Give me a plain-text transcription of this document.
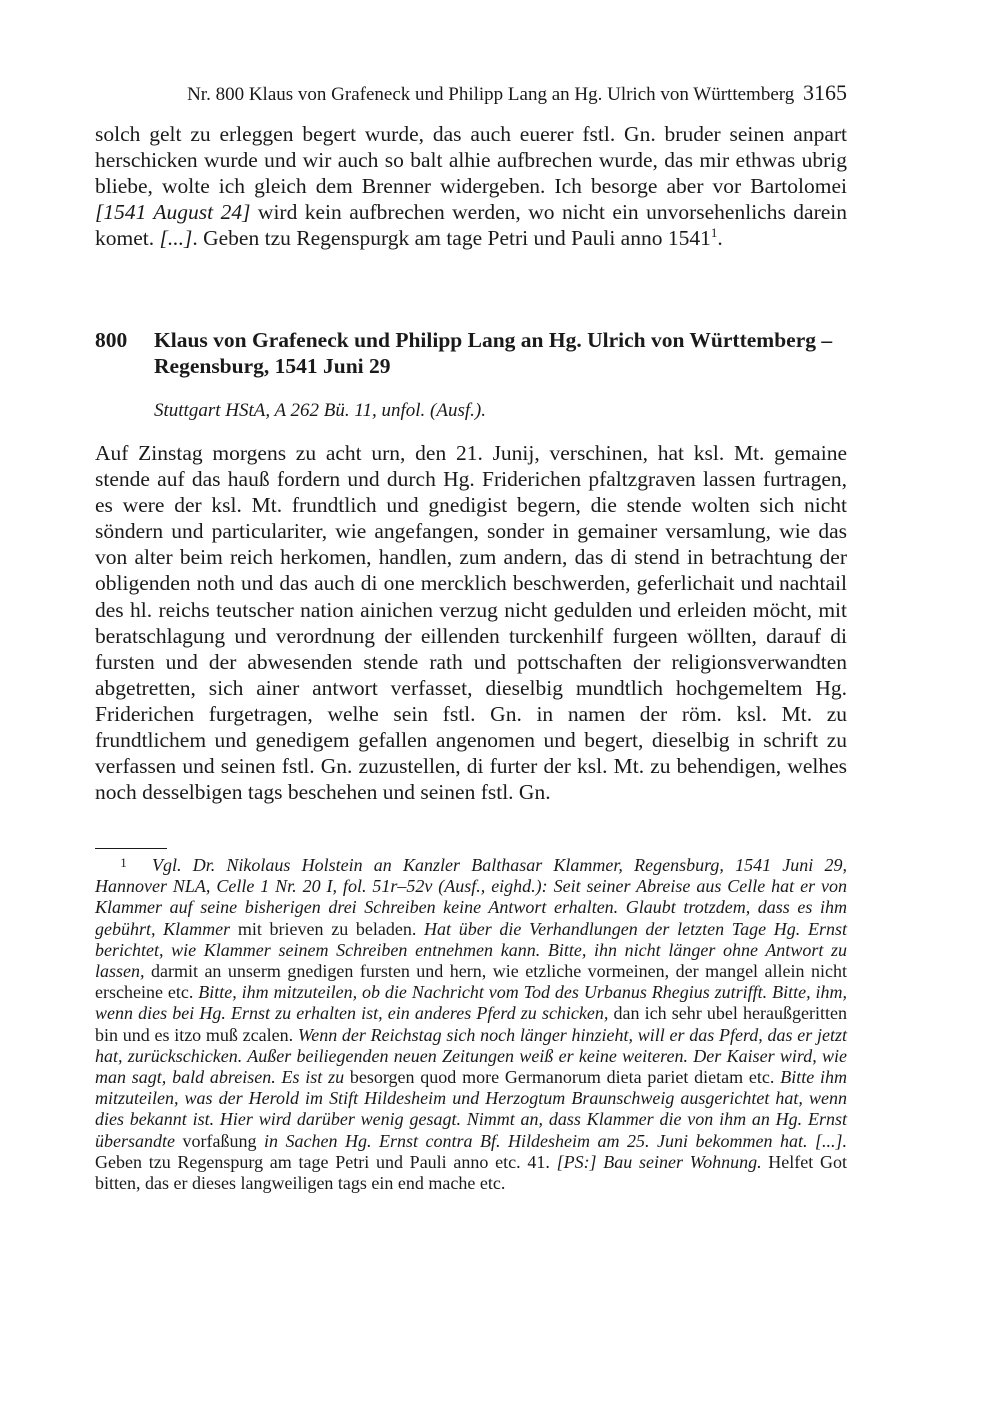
Nr. 800 Klaus von Grafeneck und Philipp Lang an Hg. Ulrich von Württemberg 3165

solch gelt zu erleggen begert wurde, das auch euerer fstl. Gn. bruder seinen anpart herschicken wurde und wir auch so balt alhie aufbrechen wurde, das mir ethwas ubrig bliebe, wolte ich gleich dem Brenner widergeben. Ich besorge aber vor Bartolomei [1541 August 24] wird kein aufbrechen werden, wo nicht ein unvorsehenlichs darein komet. [...]. Geben tzu Regenspurgk am tage Petri und Pauli anno 1541$^1$.

800 Klaus von Grafeneck und Philipp Lang an Hg. Ulrich von Württemberg – Regensburg, 1541 Juni 29
Stuttgart HStA, A 262 Bü. 11, unfol. (Ausf.).

Auf Zinstag morgens zu acht urn, den 21. Junij, verschinen, hat ksl. Mt. gemaine stende auf das hauß fordern und durch Hg. Friderichen pfaltzgraven lassen furtragen, es were der ksl. Mt. frundtlich und gnedigist begern, die stende wolten sich nicht söndern und particulariter, wie angefangen, sonder in gemainer versamlung, wie das von alter beim reich herkomen, handlen, zum andern, das di stend in betrachtung der obligenden noth und das auch di one mercklich beschwerden, geferlichait und nachtail des hl. reichs teutscher nation ainichen verzug nicht gedulden und erleiden möcht, mit beratschlagung und verordnung der eillenden turckenhilf furgeen wöllten, darauf di fursten und der abwesenden stende rath und pottschaften der religionsverwandten abgetretten, sich ainer antwort verfasset, dieselbig mundtlich hochgemeltem Hg. Friderichen furgetragen, welhe sein fstl. Gn. in namen der röm. ksl. Mt. zu frundtlichem und genedigem gefallen angenomen und begert, dieselbig in schrift zu verfassen und seinen fstl. Gn. zuzustellen, di furter der ksl. Mt. zu behendigen, welhes noch desselbigen tags beschehen und seinen fstl. Gn.

1 Vgl. Dr. Nikolaus Holstein an Kanzler Balthasar Klammer, Regensburg, 1541 Juni 29, Hannover NLA, Celle 1 Nr. 20 I, fol. 51r–52v (Ausf., eighd.): Seit seiner Abreise aus Celle hat er von Klammer auf seine bisherigen drei Schreiben keine Antwort erhalten. Glaubt trotzdem, dass es ihm gebührt, Klammer mit brieven zu beladen. Hat über die Verhandlungen der letzten Tage Hg. Ernst berichtet, wie Klammer seinem Schreiben entnehmen kann. Bitte, ihn nicht länger ohne Antwort zu lassen, darmit an unserm gnedigen fursten und hern, wie etzliche vormeinen, der mangel allein nicht erscheine etc. Bitte, ihm mitzuteilen, ob die Nachricht vom Tod des Urbanus Rhegius zutrifft. Bitte, ihm, wenn dies bei Hg. Ernst zu erhalten ist, ein anderes Pferd zu schicken, dan ich sehr ubel heraußgeritten bin und es itzo muß zcalen. Wenn der Reichstag sich noch länger hinzieht, will er das Pferd, das er jetzt hat, zurückschicken. Außer beiliegenden neuen Zeitungen weiß er keine weiteren. Der Kaiser wird, wie man sagt, bald abreisen. Es ist zu besorgen quod more Germanorum dieta pariet dietam etc. Bitte ihm mitzuteilen, was der Herold im Stift Hildesheim und Herzogtum Braunschweig ausgerichtet hat, wenn dies bekannt ist. Hier wird darüber wenig gesagt. Nimmt an, dass Klammer die von ihm an Hg. Ernst übersandte vorfaßung in Sachen Hg. Ernst contra Bf. Hildesheim am 25. Juni bekommen hat. [...]. Geben tzu Regenspurg am tage Petri und Pauli anno etc. 41. [PS:] Bau seiner Wohnung. Helfet Got bitten, das er dieses langweiligen tags ein end mache etc.
